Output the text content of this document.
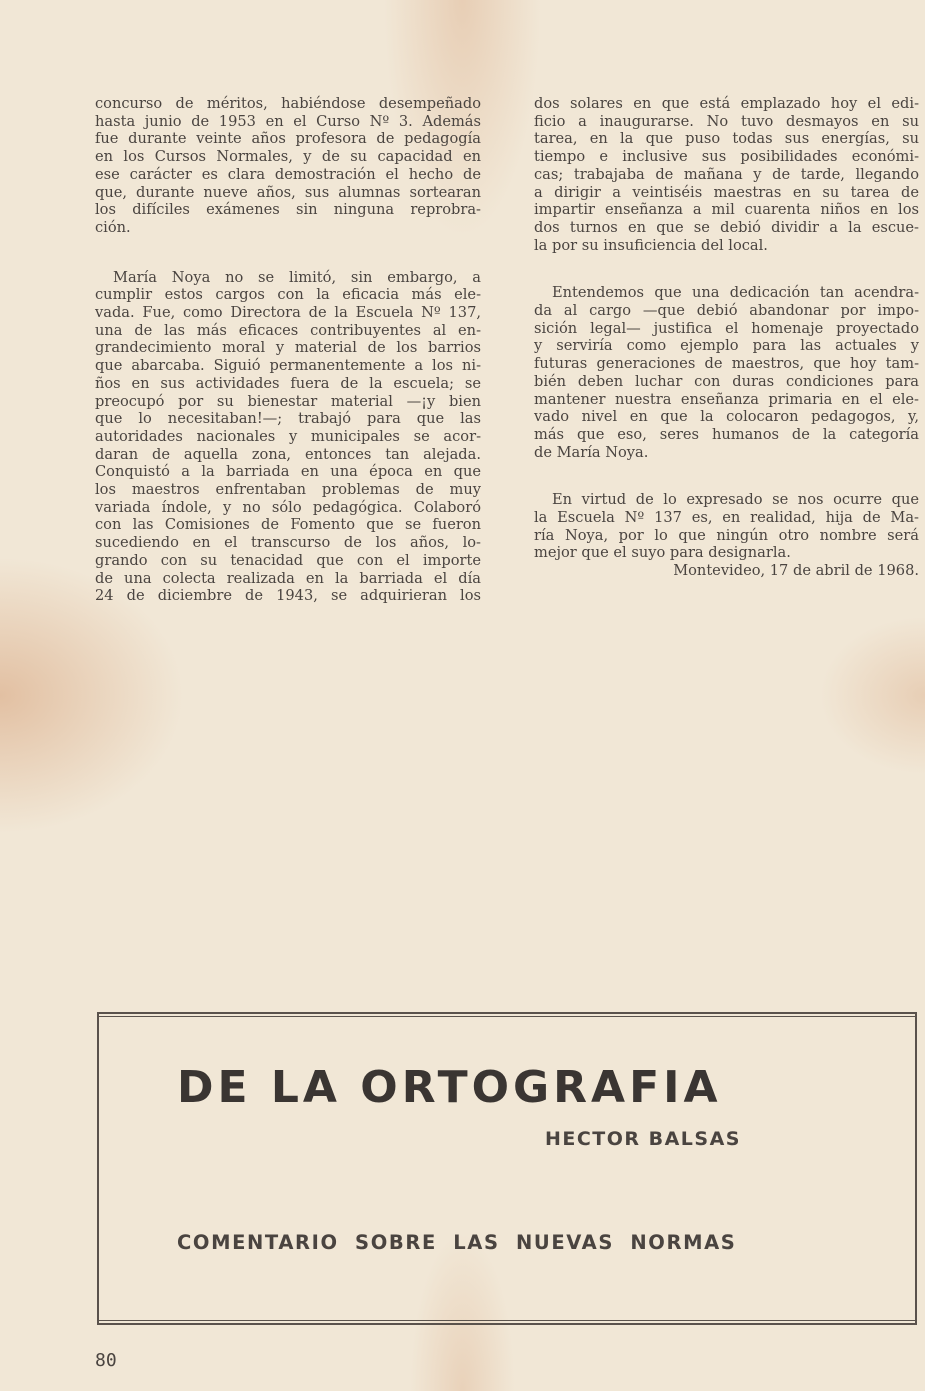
concurso de méritos, habiéndose desempeñado
hasta junio de 1953 en el Curso Nº 3. Además
fue durante veinte años profesora de pedagogía
en los Cursos Normales, y de su capacidad en
ese carácter es clara demostración el hecho de
que, durante nueve años, sus alumnas sortearan
los difíciles exámenes sin ninguna reprobra-
ción.

María Noya no se limitó, sin embargo, a
cumplir estos cargos con la eficacia más ele-
vada. Fue, como Directora de la Escuela Nº 137,
una de las más eficaces contribuyentes al en-
grandecimiento moral y material de los barrios
que abarcaba. Siguió permanentemente a los ni-
ños en sus actividades fuera de la escuela; se
preocupó por su bienestar material —¡y bien
que lo necesitaban!—; trabajó para que las
autoridades nacionales y municipales se acor-
daran de aquella zona, entonces tan alejada.
Conquistó a la barriada en una época en que
los maestros enfrentaban problemas de muy
variada índole, y no sólo pedagógica. Colaboró
con las Comisiones de Fomento que se fueron
sucediendo en el transcurso de los años, lo-
grando con su tenacidad que con el importe
de una colecta realizada en la barriada el día
24 de diciembre de 1943, se adquirieran los

dos solares en que está emplazado hoy el edi-
ficio a inaugurarse. No tuvo desmayos en su
tarea, en la que puso todas sus energías, su
tiempo e inclusive sus posibilidades económi-
cas; trabajaba de mañana y de tarde, llegando
a dirigir a veintiséis maestras en su tarea de
impartir enseñanza a mil cuarenta niños en los
dos turnos en que se debió dividir a la escue-
la por su insuficiencia del local.

Entendemos que una dedicación tan acendra-
da al cargo —que debió abandonar por impo-
sición legal— justifica el homenaje proyectado
y serviría como ejemplo para las actuales y
futuras generaciones de maestros, que hoy tam-
bién deben luchar con duras condiciones para
mantener nuestra enseñanza primaria en el ele-
vado nivel en que la colocaron pedagogos, y,
más que eso, seres humanos de la categoría
de María Noya.

En virtud de lo expresado se nos ocurre que
la Escuela Nº 137 es, en realidad, hija de Ma-
ría Noya, por lo que ningún otro nombre será
mejor que el suyo para designarla.

Montevideo, 17 de abril de 1968.

DE LA ORTOGRAFIA
HECTOR BALSAS
COMENTARIO SOBRE LAS NUEVAS NORMAS
80
